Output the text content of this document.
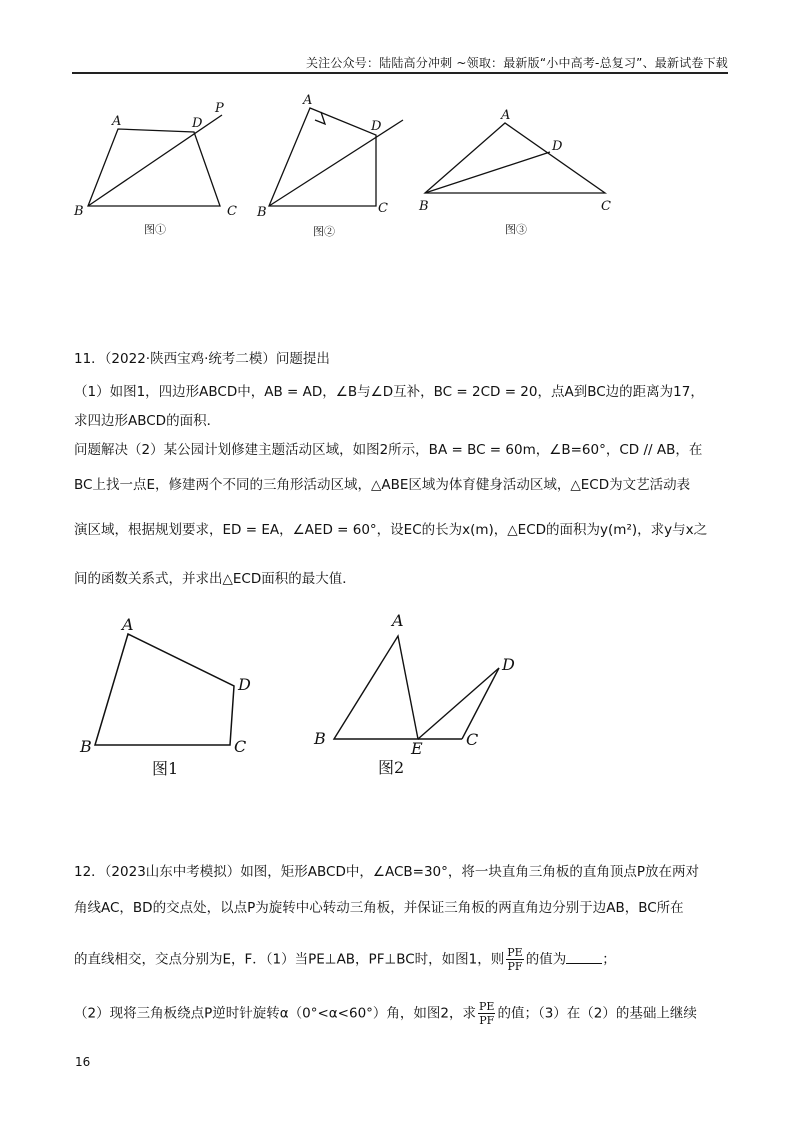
关注公众号：陆陆高分冲刺 ~领取：最新版“小中高考-总复习”、最新试卷下载
A	D
P
B	C
图①
A
D
B	C
图②
A
D
B	C
图③
11．（2022·陕西宝鸡·统考二模）问题提出
（1）如图1，四边形ABCD中，AB = AD，∠B与∠D互补，BC = 2CD = 20，点A到BC边的距离为17，
求四边形ABCD的面积．
问题解决（2）某公园计划修建主题活动区域，如图2所示，BA = BC = 60m，∠B=60°，CD // AB，在
BC上找一点E，修建两个不同的三角形活动区域，△ABE区域为体育健身活动区域，△ECD为文艺活动表
演区域，根据规划要求，ED = EA，∠AED = 60°，设EC的长为x(m)，△ECD的面积为y(m²)，求y与x之
间的函数关系式，并求出△ECD面积的最大值．
A
D
B	C
图1
A
D
B
E	C
图2
12．（2023山东中考模拟）如图，矩形ABCD中，∠ACB=30°，将一块直角三角板的直角顶点P放在两对
角线AC，BD的交点处，以点P为旋转中心转动三角板，并保证三角板的两直角边分别于边AB，BC所在
的直线相交，交点分别为E，F．（1）当PE⊥AB，PF⊥BC时，如图1，则 $\frac{PE}{PF}$ 的值为	；
（2）现将三角板绕点P逆时针旋转α（0°<α<60°）角，如图2，求 $\frac{PE}{PF}$ 的值；（3）在（2）的基础上继续
16
